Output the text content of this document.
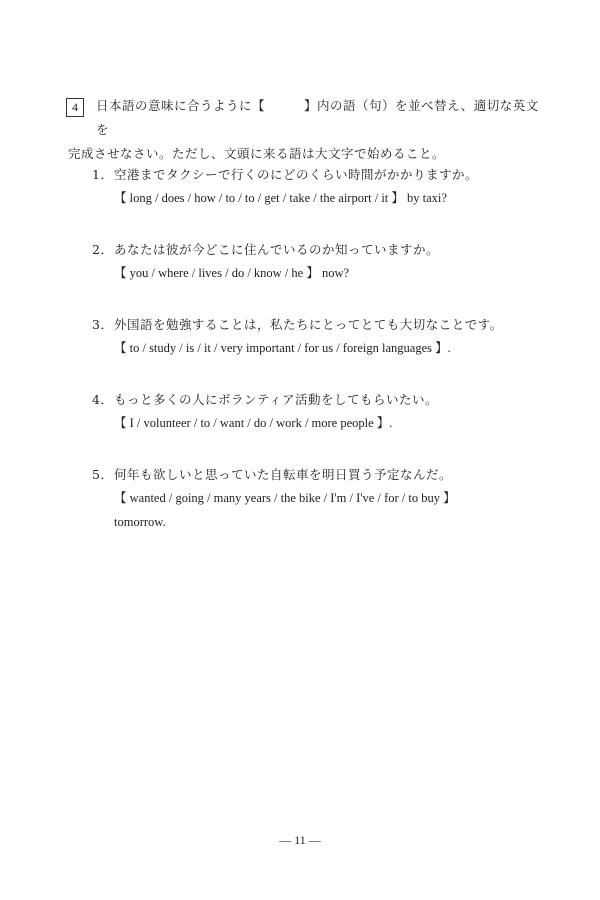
4	日本語の意味に合うように【　　　】内の語（句）を並べ替え、適切な英文を
完成させなさい。ただし、文頭に来る語は大文字で始めること。
1．空港までタクシーで行くのにどのくらい時間がかかりますか。
【 long / does / how / to / to / get / take / the airport / it 】 by taxi?
2．あなたは彼が今どこに住んでいるのか知っていますか。
【 you / where / lives / do / know / he 】 now?
3．外国語を勉強することは，私たちにとってとても大切なことです。
【 to / study / is / it / very important / for us / foreign languages 】.
4．もっと多くの人にボランティア活動をしてもらいたい。
【 I / volunteer / to / want / do / work / more people 】.
5．何年も欲しいと思っていた自転車を明日買う予定なんだ。
【 wanted / going / many years / the bike / I'm / I've / for / to buy 】
tomorrow.
― 11 ―
